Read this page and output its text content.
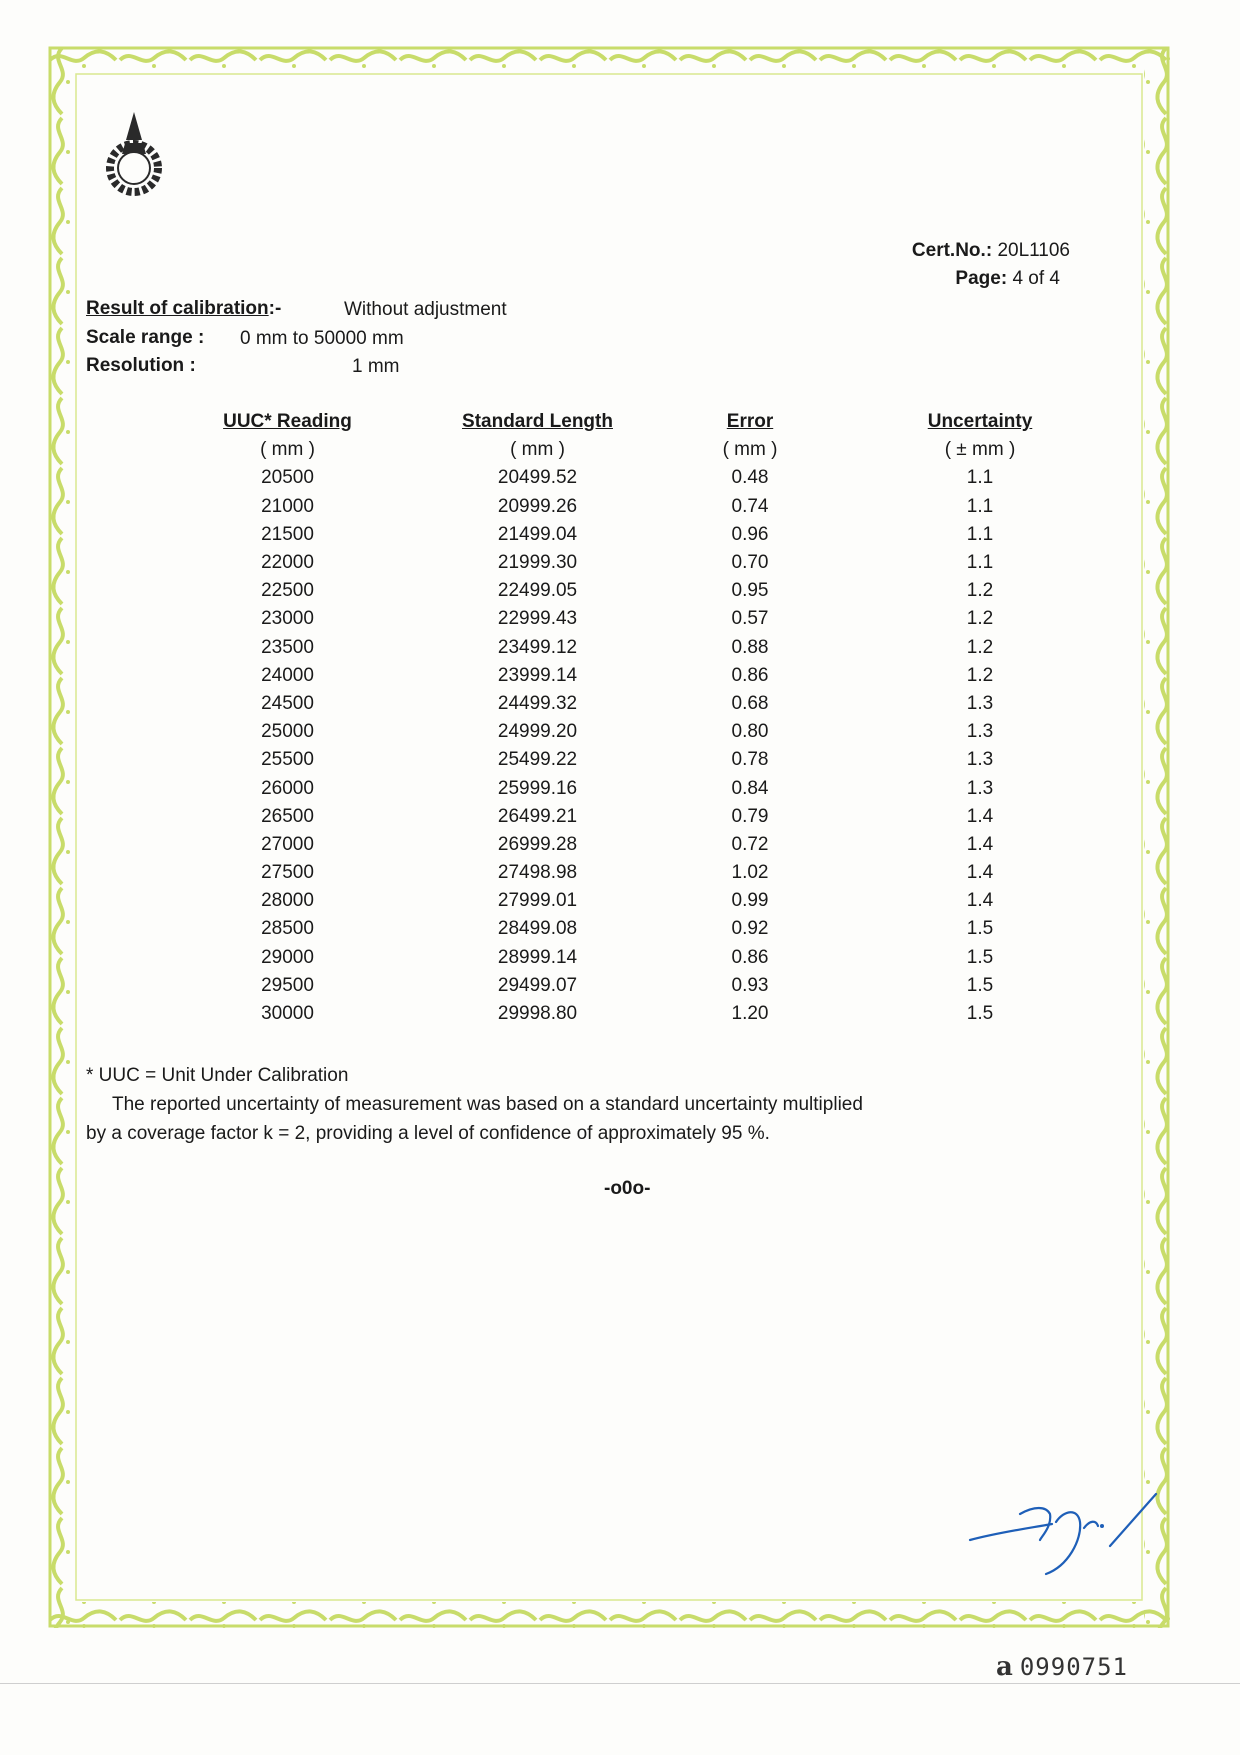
Cert.No.: 20L1106
Page: 4 of 4
Result of calibration:-	Without adjustment
Scale range : 0 mm to 50000 mm
Resolution :	1 mm
UUC* Reading	Standard Length	Error	Uncertainty
( mm )	( mm )	( mm )	( ± mm )
20500	20499.52	0.48	1.1
21000	20999.26	0.74	1.1
21500	21499.04	0.96	1.1
22000	21999.30	0.70	1.1
22500	22499.05	0.95	1.2
23000	22999.43	0.57	1.2
23500	23499.12	0.88	1.2
24000	23999.14	0.86	1.2
24500	24499.32	0.68	1.3
25000	24999.20	0.80	1.3
25500	25499.22	0.78	1.3
26000	25999.16	0.84	1.3
26500	26499.21	0.79	1.4
27000	26999.28	0.72	1.4
27500	27498.98	1.02	1.4
28000	27999.01	0.99	1.4
28500	28499.08	0.92	1.5
29000	28999.14	0.86	1.5
29500	29499.07	0.93	1.5
30000	29998.80	1.20	1.5
* UUC = Unit Under Calibration
The reported uncertainty of measurement was based on a standard uncertainty multiplied
by a coverage factor k = 2, providing a level of confidence of approximately 95 %.
-o0o-
a 0990751
